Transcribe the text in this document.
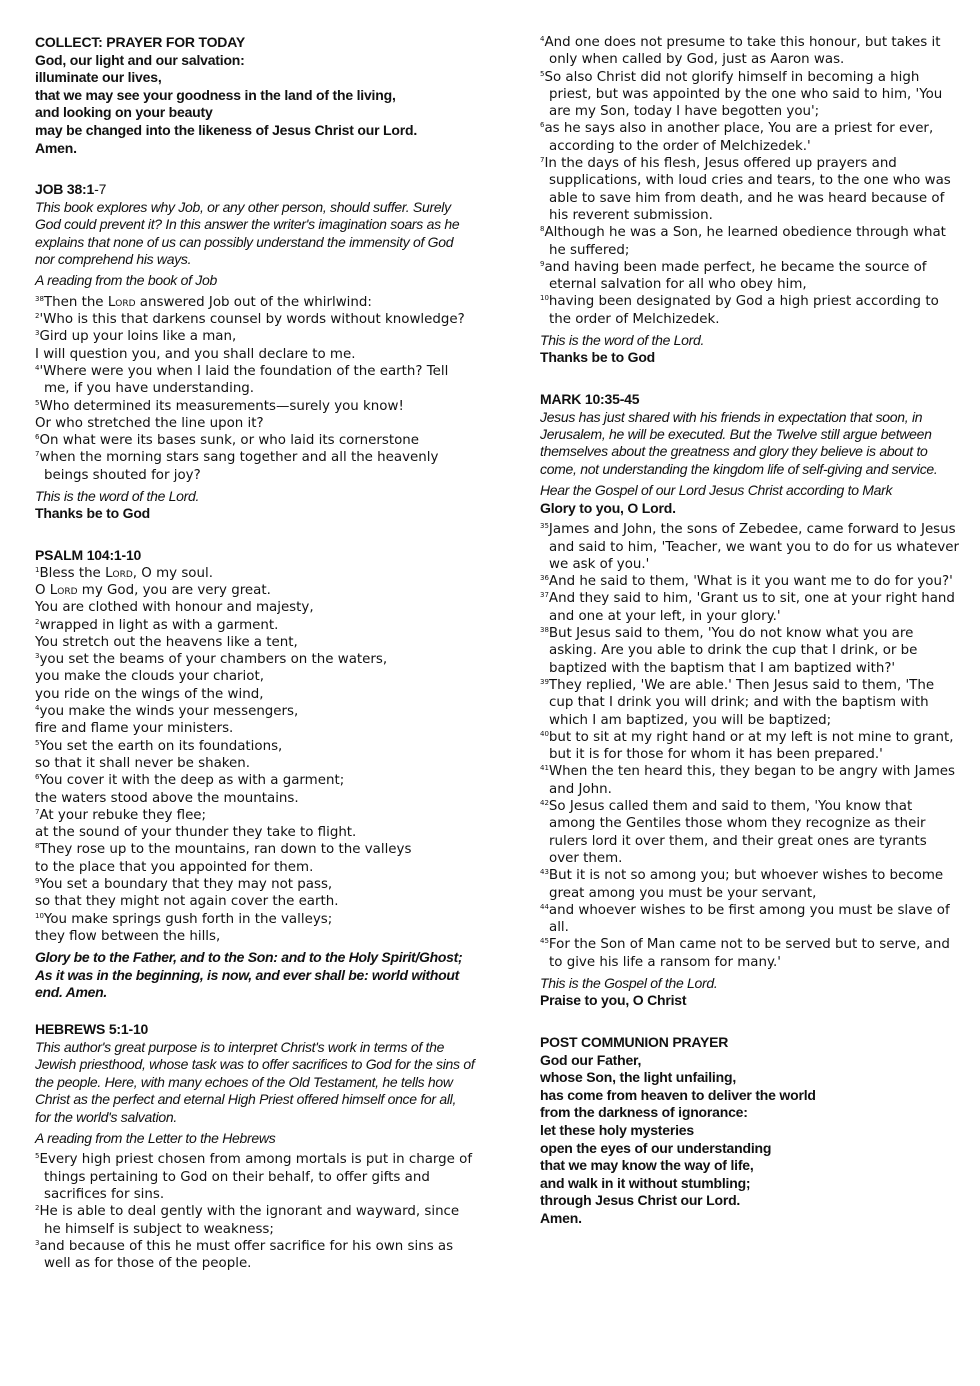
COLLECT: PRAYER FOR TODAY
God, our light and our salvation:
illuminate our lives,
that we may see your goodness in the land of the living,
and looking on your beauty
may be changed into the likeness of Jesus Christ our Lord.
Amen.
JOB 38:1-7
This book explores why Job, or any other person, should suffer. Surely God could prevent it? In this answer the writer's imagination soars as he explains that none of us can possibly understand the immensity of God nor comprehend his ways.
A reading from the book of Job
$^{38}$Then the Lord answered Job out of the whirlwind:
$^2$'Who is this that darkens counsel by words without knowledge?
$^3$Gird up your loins like a man,
I will question you, and you shall declare to me.
$^4$'Where were you when I laid the foundation of the earth? Tell me, if you have understanding.
$^5$Who determined its measurements—surely you know!
Or who stretched the line upon it?
$^6$On what were its bases sunk, or who laid its cornerstone
$^7$when the morning stars sang together and all the heavenly beings shouted for joy?
This is the word of the Lord.
Thanks be to God
PSALM 104:1-10
$^1$Bless the Lord, O my soul.
O Lord my God, you are very great.
You are clothed with honour and majesty,
$^2$wrapped in light as with a garment.
You stretch out the heavens like a tent,
$^3$you set the beams of your chambers on the waters,
you make the clouds your chariot,
you ride on the wings of the wind,
$^4$you make the winds your messengers,
fire and flame your ministers.
$^5$You set the earth on its foundations,
so that it shall never be shaken.
$^6$You cover it with the deep as with a garment;
the waters stood above the mountains.
$^7$At your rebuke they flee;
at the sound of your thunder they take to flight.
$^8$They rose up to the mountains, ran down to the valleys
to the place that you appointed for them.
$^9$You set a boundary that they may not pass,
so that they might not again cover the earth.
$^{10}$You make springs gush forth in the valleys;
they flow between the hills,
Glory be to the Father, and to the Son: and to the Holy Spirit/Ghost; As it was in the beginning, is now, and ever shall be: world without end. Amen.
HEBREWS 5:1-10
This author's great purpose is to interpret Christ's work in terms of the Jewish priesthood, whose task was to offer sacrifices to God for the sins of the people. Here, with many echoes of the Old Testament, he tells how Christ as the perfect and eternal High Priest offered himself once for all, for the world's salvation.
A reading from the Letter to the Hebrews
$^5$Every high priest chosen from among mortals is put in charge of things pertaining to God on their behalf, to offer gifts and sacrifices for sins.
$^2$He is able to deal gently with the ignorant and wayward, since he himself is subject to weakness;
$^3$and because of this he must offer sacrifice for his own sins as well as for those of the people.
$^4$And one does not presume to take this honour, but takes it only when called by God, just as Aaron was.
$^5$So also Christ did not glorify himself in becoming a high priest, but was appointed by the one who said to him, 'You are my Son, today I have begotten you';
$^6$as he says also in another place, You are a priest for ever, according to the order of Melchizedek.'
$^7$In the days of his flesh, Jesus offered up prayers and supplications, with loud cries and tears, to the one who was able to save him from death, and he was heard because of his reverent submission.
$^8$Although he was a Son, he learned obedience through what he suffered;
$^9$and having been made perfect, he became the source of eternal salvation for all who obey him,
$^{10}$having been designated by God a high priest according to the order of Melchizedek.
This is the word of the Lord.
Thanks be to God
MARK 10:35-45
Jesus has just shared with his friends in expectation that soon, in Jerusalem, he will be executed. But the Twelve still argue between themselves about the greatness and glory they believe is about to come, not understanding the kingdom life of self-giving and service.
Hear the Gospel of our Lord Jesus Christ according to Mark
Glory to you, O Lord.
$^{35}$James and John, the sons of Zebedee, came forward to Jesus and said to him, 'Teacher, we want you to do for us whatever we ask of you.'
$^{36}$And he said to them, 'What is it you want me to do for you?'
$^{37}$And they said to him, 'Grant us to sit, one at your right hand and one at your left, in your glory.'
$^{38}$But Jesus said to them, 'You do not know what you are asking. Are you able to drink the cup that I drink, or be baptized with the baptism that I am baptized with?'
$^{39}$They replied, 'We are able.' Then Jesus said to them, 'The cup that I drink you will drink; and with the baptism with which I am baptized, you will be baptized;
$^{40}$but to sit at my right hand or at my left is not mine to grant, but it is for those for whom it has been prepared.'
$^{41}$When the ten heard this, they began to be angry with James and John.
$^{42}$So Jesus called them and said to them, 'You know that among the Gentiles those whom they recognize as their rulers lord it over them, and their great ones are tyrants over them.
$^{43}$But it is not so among you; but whoever wishes to become great among you must be your servant,
$^{44}$and whoever wishes to be first among you must be slave of all.
$^{45}$For the Son of Man came not to be served but to serve, and to give his life a ransom for many.'
This is the Gospel of the Lord.
Praise to you, O Christ
POST COMMUNION PRAYER
God our Father,
whose Son, the light unfailing,
has come from heaven to deliver the world
from the darkness of ignorance:
let these holy mysteries
open the eyes of our understanding
that we may know the way of life,
and walk in it without stumbling;
through Jesus Christ our Lord.
Amen.
